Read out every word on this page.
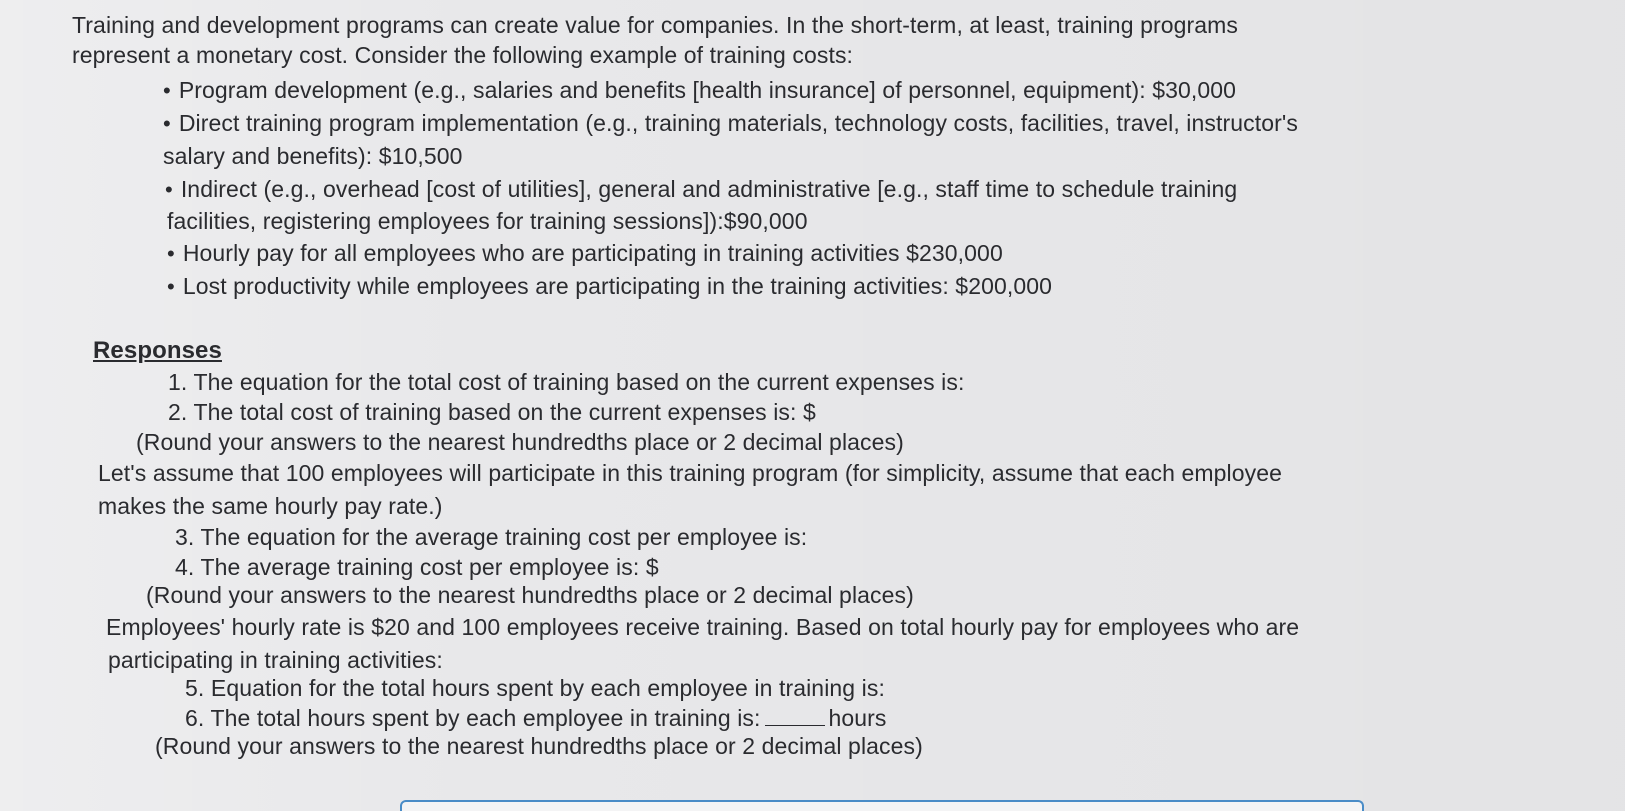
Training and development programs can create value for companies. In the short-term, at least, training programs
represent a monetary cost. Consider the following example of training costs:
• Program development (e.g., salaries and benefits [health insurance] of personnel, equipment): $30,000
• Direct training program implementation (e.g., training materials, technology costs, facilities, travel, instructor's
salary and benefits): $10,500
• Indirect (e.g., overhead [cost of utilities], general and administrative [e.g., staff time to schedule training
facilities, registering employees for training sessions]):$90,000
• Hourly pay for all employees who are participating in training activities $230,000
• Lost productivity while employees are participating in the training activities: $200,000
Responses
1. The equation for the total cost of training based on the current expenses is:
2. The total cost of training based on the current expenses is: $
(Round your answers to the nearest hundredths place or 2 decimal places)
Let's assume that 100 employees will participate in this training program (for simplicity, assume that each employee
makes the same hourly pay rate.)
3. The equation for the average training cost per employee is:
4. The average training cost per employee is: $
(Round your answers to the nearest hundredths place or 2 decimal places)
Employees' hourly rate is $20 and 100 employees receive training. Based on total hourly pay for employees who are
participating in training activities:
5. Equation for the total hours spent by each employee in training is:
6. The total hours spent by each employee in training is:	hours
(Round your answers to the nearest hundredths place or 2 decimal places)
